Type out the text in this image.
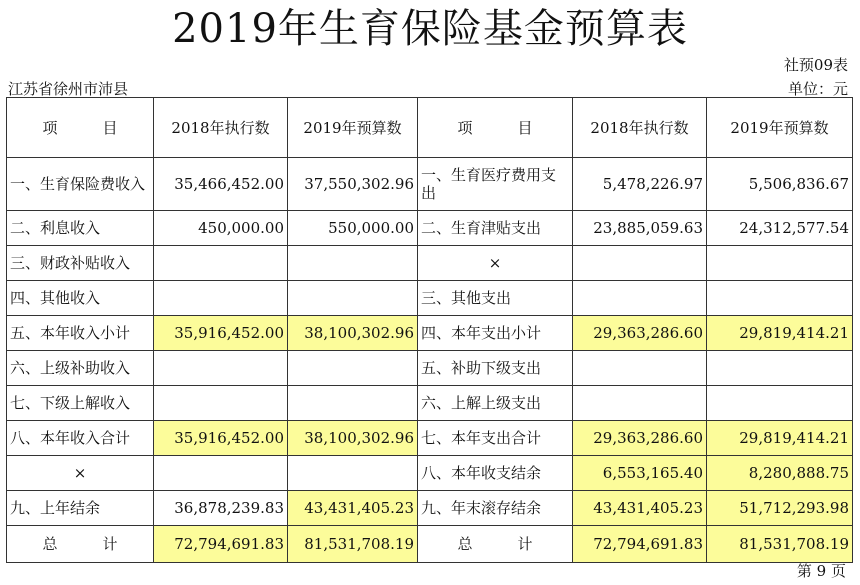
2019年生育保险基金预算表
社预09表
江苏省徐州市沛县	单位：元
项　　　目	2018年执行数	2019年预算数	项　　　目	2018年执行数	2019年预算数
一、生育保险费收入	35,466,452.00	37,550,302.96	一、生育医疗费用支出	5,478,226.97	5,506,836.67
二、利息收入	450,000.00	550,000.00	二、生育津贴支出	23,885,059.63	24,312,577.54
三、财政补贴收入			×		
四、其他收入			三、其他支出		
五、本年收入小计	35,916,452.00	38,100,302.96	四、本年支出小计	29,363,286.60	29,819,414.21
六、上级补助收入			五、补助下级支出		
七、下级上解收入			六、上解上级支出		
八、本年收入合计	35,916,452.00	38,100,302.96	七、本年支出合计	29,363,286.60	29,819,414.21
×			八、本年收支结余	6,553,165.40	8,280,888.75
九、上年结余	36,878,239.83	43,431,405.23	九、年末滚存结余	43,431,405.23	51,712,293.98
总　　　计	72,794,691.83	81,531,708.19	总　　　计	72,794,691.83	81,531,708.19
第 9 页
